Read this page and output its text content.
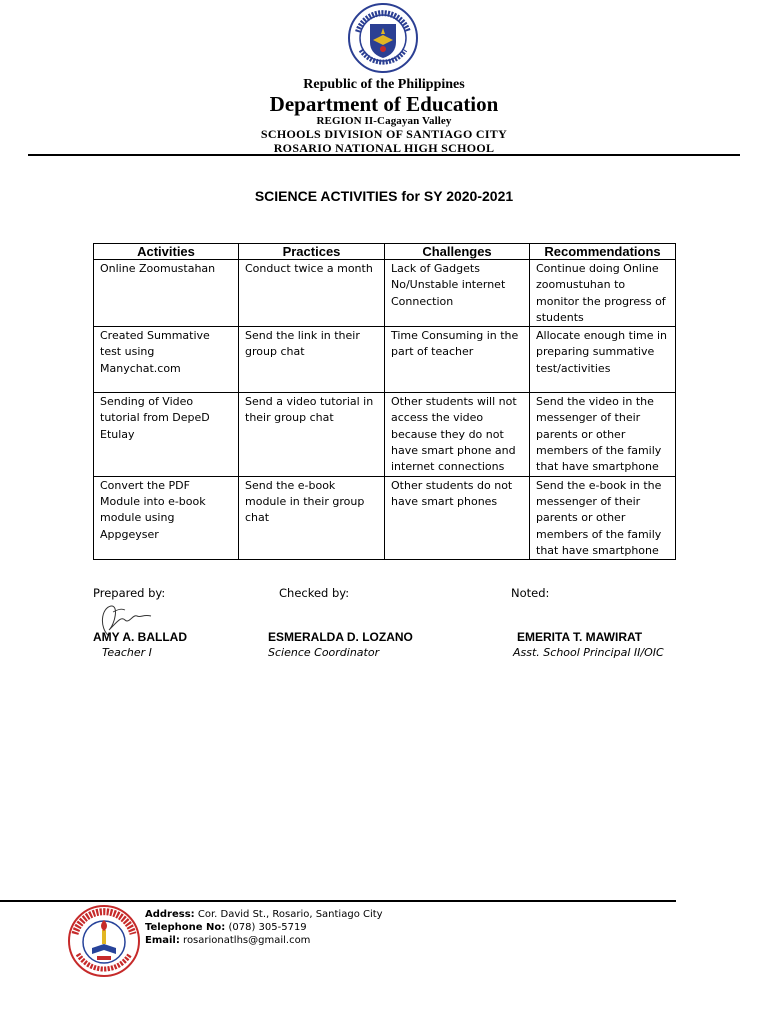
Republic of the Philippines
Department of Education
REGION II-Cagayan Valley
SCHOOLS DIVISION OF SANTIAGO CITY
ROSARIO NATIONAL HIGH SCHOOL
SCIENCE ACTIVITIES for SY 2020-2021
Activities	Practices	Challenges	Recommendations
Online Zoomustahan	Conduct twice a month	Lack of Gadgets No/Unstable internet Connection	Continue doing Online zoomustuhan to monitor the progress of students
Created Summative test using Manychat.com	Send the link in their group chat	Time Consuming in the part of teacher	Allocate enough time in preparing summative test/activities
Sending of Video tutorial from DepeD Etulay	Send a video tutorial in their group chat	Other students will not access the video because they do not have smart phone and internet connections	Send the video in the messenger of their parents or other members of the family that have smartphone
Convert the PDF Module into e-book module using Appgeyser	Send the e-book module in their group chat	Other students do not have smart phones	Send the e-book in the messenger of their parents or other members of the family that have smartphone
Prepared by:	Checked by:	Noted:
AMY A. BALLAD	ESMERALDA D. LOZANO	EMERITA T. MAWIRAT
Teacher I	Science Coordinator	Asst. School Principal II/OIC
Address: Cor. David St., Rosario, Santiago City
Telephone No: (078) 305-5719
Email: rosarionatlhs@gmail.com
